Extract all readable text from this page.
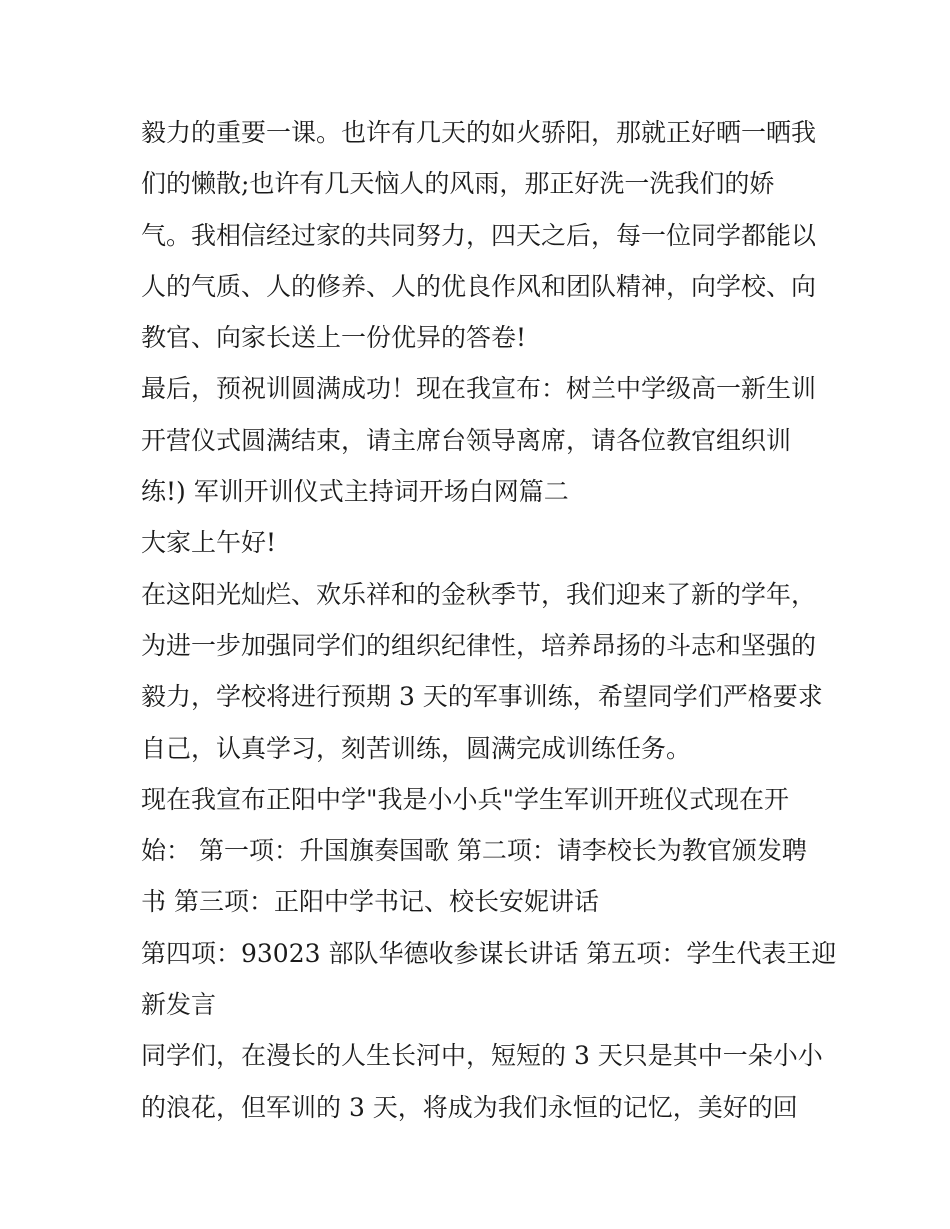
毅力的重要一课。也许有几天的如火骄阳，那就正好晒一晒我
们的懒散;也许有几天恼人的风雨，那正好洗一洗我们的娇
气。我相信经过家的共同努力，四天之后，每一位同学都能以
人的气质、人的修养、人的优良作风和团队精神，向学校、向
教官、向家长送上一份优异的答卷!
最后，预祝训圆满成功！现在我宣布：树兰中学级高一新生训
开营仪式圆满结束，请主席台领导离席，请各位教官组织训
练!) 军训开训仪式主持词开场白网篇二
大家上午好!
在这阳光灿烂、欢乐祥和的金秋季节，我们迎来了新的学年，
为进一步加强同学们的组织纪律性，培养昂扬的斗志和坚强的
毅力，学校将进行预期 3 天的军事训练，希望同学们严格要求
自己，认真学习，刻苦训练，圆满完成训练任务。
现在我宣布正阳中学"我是小小兵"学生军训开班仪式现在开
始： 第一项：升国旗奏国歌 第二项：请李校长为教官颁发聘
书 第三项：正阳中学书记、校长安妮讲话
第四项：93023 部队华德收参谋长讲话 第五项：学生代表王迎
新发言
同学们，在漫长的人生长河中，短短的 3 天只是其中一朵小小
的浪花，但军训的 3 天，将成为我们永恒的记忆，美好的回
